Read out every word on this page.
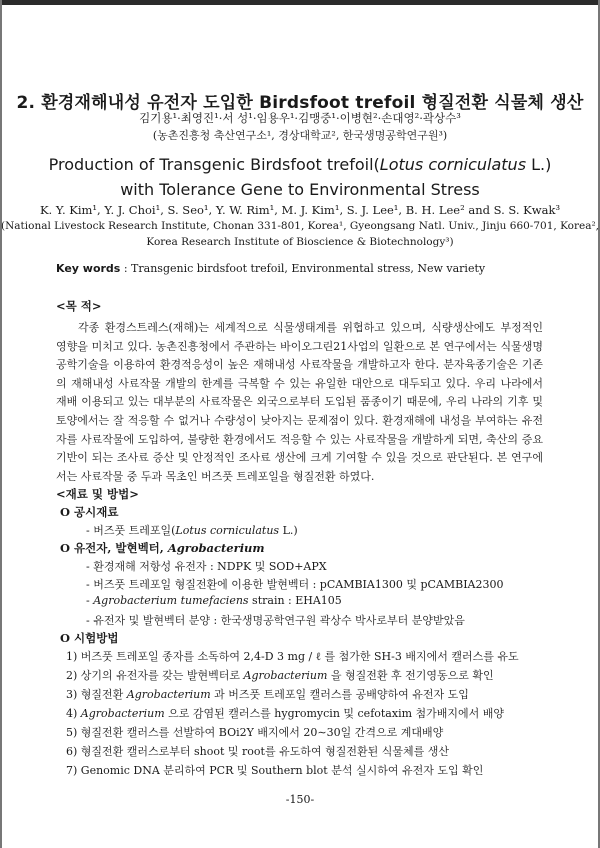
2. 환경재해내성 유전자 도입한 Birdsfoot trefoil 형질전환 식물체 생산
김기용¹·최영진¹·서 성¹·임용우¹·김맹중¹·이병현²·손대영²·곽상수³
(농촌진흥청 축산연구소¹, 경상대학교², 한국생명공학연구원³)
Production of Transgenic Birdsfoot trefoil(Lotus corniculatus L.)
with Tolerance Gene to Environmental Stress
K. Y. Kim¹, Y. J. Choi¹, S. Seo¹, Y. W. Rim¹, M. J. Kim¹, S. J. Lee¹, B. H. Lee² and S. S. Kwak³
(National Livestock Research Institute, Chonan 331-801, Korea¹, Gyeongsang Natl. Univ., Jinju 660-701, Korea²,
Korea Research Institute of Bioscience & Biotechnology³)
Key words : Transgenic birdsfoot trefoil, Environmental stress, New variety
<목 적>

각종 환경스트레스(재해)는 세계적으로 식물생태계를 위협하고 있으며, 식량생산에도 부정적인 영향을 미치고 있다. 농촌진흥청에서 주관하는 바이오그린21사업의 일환으로 본 연구에서는 식물생명공학기술을 이용하여 환경적응성이 높은 재해내성 사료작물을 개발하고자 한다. 분자육종기술은 기존의 재해내성 사료작물 개발의 한계를 극복할 수 있는 유일한 대안으로 대두되고 있다. 우리 나라에서 재배 이용되고 있는 대부분의 사료작물은 외국으로부터 도입된 품종이기 때문에, 우리 나라의 기후 및 토양에서는 잘 적응할 수 없거나 수량성이 낮아지는 문제점이 있다. 환경재해에 내성을 부여하는 유전자를 사료작물에 도입하여, 불량한 환경에서도 적응할 수 있는 사료작물을 개발하게 되면, 축산의 증요 기반이 되는 조사료 증산 및 안정적인 조사료 생산에 크게 기여할 수 있을 것으로 판단된다. 본 연구에서는 사료작물 중 두과 목초인 버즈풋 트레포일을 형질전환 하였다.

<재료 및 방법>
O 공시재료
- 버즈풋 트레포일(Lotus corniculatus L.)
O 유전자, 발현벡터, Agrobacterium
- 환경재해 저항성 유전자 : NDPK 및 SOD+APX
- 버즈풋 트레포일 형질전환에 이용한 발현벡터 : pCAMBIA1300 및 pCAMBIA2300
- Agrobacterium tumefaciens strain : EHA105
- 유전자 및 발현벡터 분양 : 한국생명공학연구원 곽상수 박사로부터 분양받았음
O 시험방법
1) 버즈풋 트레포일 종자를 소독하여 2,4-D 3 mg / ℓ 를 첨가한 SH-3 배지에서 캘러스를 유도
2) 상기의 유전자를 갖는 발현벡터로 Agrobacterium 을 형질전환 후 전기영동으로 확인
3) 형질전환 Agrobacterium 과 버즈풋 트레포일 캘러스를 공배양하여 유전자 도입
4) Agrobacterium 으로 감염된 캘러스를 hygromycin 및 cefotaxim 첨가배지에서 배양
5) 형질전환 캘러스를 선발하여 BOi2Y 배지에서 20∼30일 간격으로 계대배양
6) 형질전환 캘러스로부터 shoot 및 root를 유도하여 형질전환된 식물체를 생산
7) Genomic DNA 분리하여 PCR 및 Southern blot 분석 실시하여 유전자 도입 확인
-150-
